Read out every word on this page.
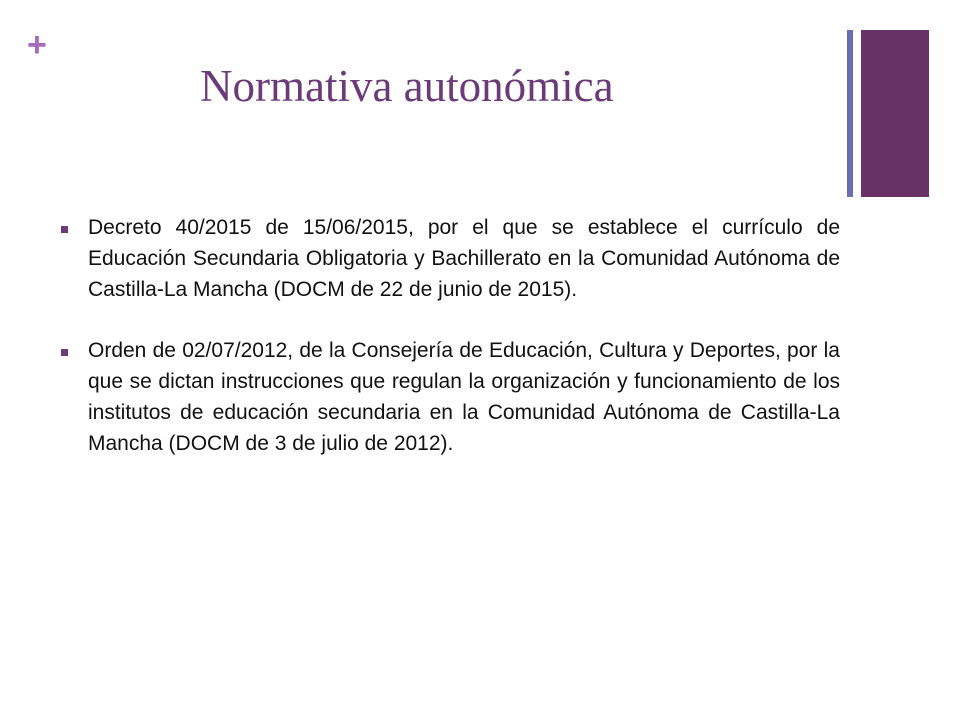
+
Normativa autonómica
Decreto 40/2015 de 15/06/2015, por el que se establece el currículo de Educación Secundaria Obligatoria y Bachillerato en la Comunidad Autónoma de Castilla-La Mancha (DOCM de 22 de junio de 2015).
Orden de 02/07/2012, de la Consejería de Educación, Cultura y Deportes, por la que se dictan instrucciones que regulan la organización y funcionamiento de los institutos de educación secundaria en la Comunidad Autónoma de Castilla-La Mancha (DOCM de 3 de julio de 2012).
